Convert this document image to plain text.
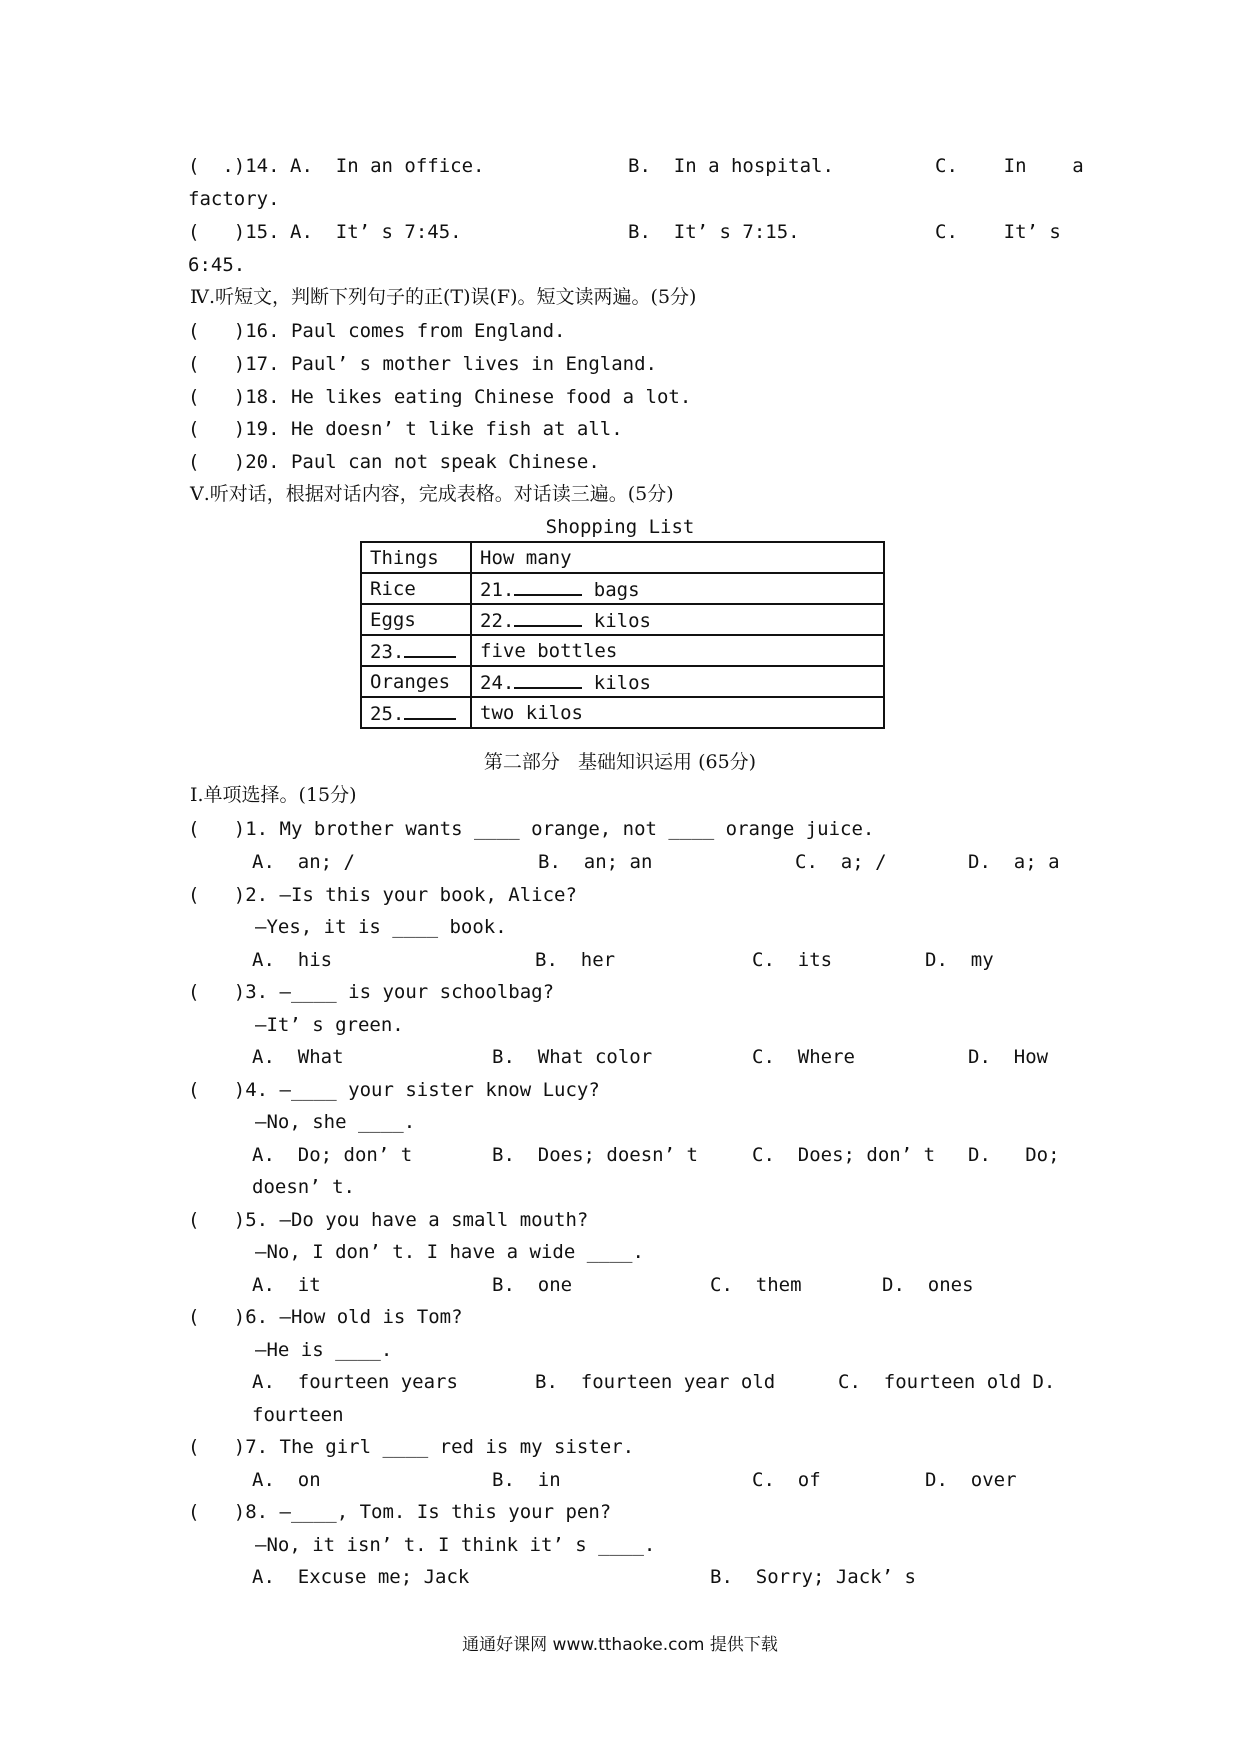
(  .)14. A.  In an office.	B.  In a hospital.	C.    In    a
factory.
(   )15. A.  It’ s 7:45.	B.  It’ s 7:15.	C.    It’ s
6:45.
Ⅳ.听短文，判断下列句子的正(T)误(F)。短文读两遍。(5分)
(   )16. Paul comes from England.
(   )17. Paul’ s mother lives in England.
(   )18. He likes eating Chinese food a lot.
(   )19. He doesn’ t like fish at all.
(   )20. Paul can not speak Chinese.
Ⅴ.听对话，根据对话内容，完成表格。对话读三遍。(5分)
Shopping List
Things	How many
Rice	21. bags
Eggs	22. kilos
23.	five bottles
Oranges	24. kilos
25.	two kilos
第二部分   基础知识运用 (65分)
Ⅰ.单项选择。(15分)
(   )1. My brother wants ____ orange, not ____ orange juice.
A.  an; /	B.  an; an	C.  a; /	D.  a; a
(   )2. —Is this your book, Alice?
—Yes, it is ____ book.
A.  his	B.  her	C.  its	D.  my
(   )3. —____ is your schoolbag?
—It’ s green.
A.  What	B.  What color	C.  Where	D.  How
(   )4. —____ your sister know Lucy?
—No, she ____.
A.  Do; don’ t	B.  Does; doesn’ t	C.  Does; don’ t D.   Do;
doesn’ t.
(   )5. —Do you have a small mouth?
—No, I don’ t. I have a wide ____.
A.  it	B.  one	C.  them	D.  ones
(   )6. —How old is Tom?
—He is ____.
A.  fourteen years	B.  fourteen year old	C.  fourteen old D.
fourteen
(   )7. The girl ____ red is my sister.
A.  on	B.  in	C.  of	D.  over
(   )8. —____, Tom. Is this your pen?
—No, it isn’ t. I think it’ s ____.
A.  Excuse me; Jack	B.  Sorry; Jack’ s
通通好课网 www.tthaoke.com 提供下载
